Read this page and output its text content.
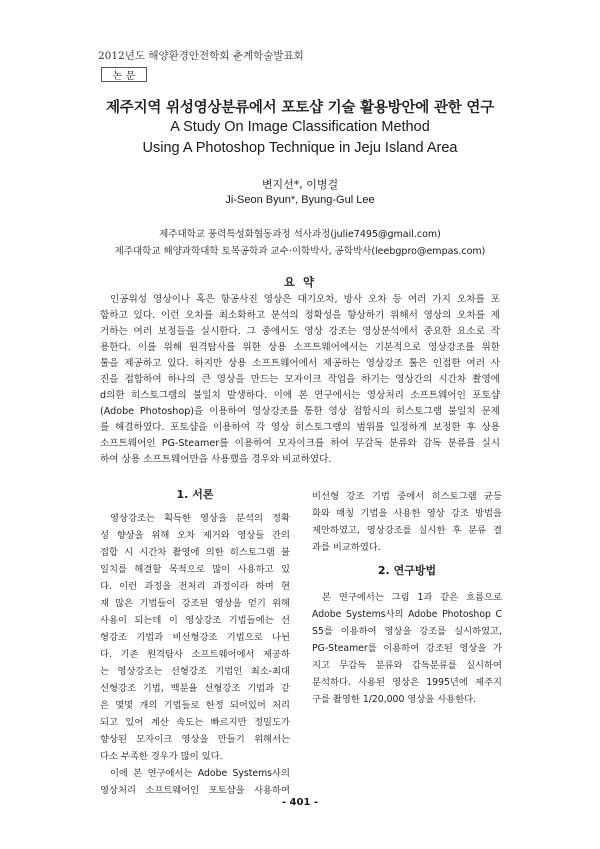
2012년도 해양환경안전학회 춘계학술발표회
논 문
제주지역 위성영상분류에서 포토샵 기술 활용방안에 관한 연구
A Study On Image Classification Method
Using A Photoshop Technique in Jeju Island Area
변지선*, 이병걸
Ji-Seon Byun*, Byung-Gul Lee
제주대학교 풍력특성화협동과정 석사과정(julie7495@gmail.com)
제주대학교 해양과학대학 토목공학과 교수·이학박사, 공학박사(leebgpro@empas.com)
요 약
인공위성 영상이나 혹은 항공사진 영상은 대기오차, 방사 오차 등 여러 가지 오차를 포
함하고 있다. 이런 오차를 최소화하고 분석의 정확성을 향상하기 위해서 영상의 오차를 제
거하는 여러 보정들을 실시한다. 그 중에서도 영상 강조는 영상분석에서 중요한 요소로 작
용한다. 이를 위해 원격탐사를 위한 상용 소프트웨어에서는 기본적으로 영상강조를 위한
툴을 제공하고 있다. 하지만 상용 소프트웨어에서 제공하는 영상강조 툴은 인접한 여러 사
진을 접합하여 하나의 큰 영상을 만드는 모자이크 작업을 하기는 영상간의 시간차 촬영에
d의한 히스토그램의 불일치 발생하다. 이에 본 연구에서는 영상처리 소프트웨어인 포토샵
(Adobe Photoshop)을 이용하여 영상강조를 통한 영상 접합시의 히스토그램 불일치 문제
를 해결하였다. 포토샵을 이용하여 각 영상 히스토그램의 범위를 일정하게 보정한 후 상용
소프트웨어인 PG-Steamer를 이용하여 모자이크를 하여 무감독 분류와 감독 분류를 실시
하여 상용 소프트웨어만을 사용했을 경우와 비교하였다.
1. 서론
영상강조는 획득한 영상을 분석의 정확
성 향상을 위해 오차 제거와 영상들 간의
접합 시 시간차 촬영에 의한 히스토그램 불
일치를 해결할 목적으로 많이 사용하고 있
다. 이런 과정을 전처리 과정이라 하며 현
재 많은 기법들이 강조된 영상을 얻기 위해
사용이 되는데 이 영상강조 기법들에는 선
형강조 기법과 비선형강조 기법으로 나뉜
다. 기존 원격탐사 소프트웨어에서 제공하
는 영상강조는 선형강조 기법인 최소-최대
선형강조 기법, 백분율 선형강조 기법과 같
은 몇몇 개의 기법들로 한정 되어있어 처리
되고 있어 계산 속도는 빠르지만 정밀도가
향상된 모자이크 영상을 만들기 위해서는
다소 부족한 경우가 많이 있다.
이에 본 연구에서는 Adobe Systems사의
영상처리 소프트웨어인 포토샵을 사용하여
비선형 강조 기법 중에서 히스토그램 균등
화와 매칭 기법을 사용한 영상 강조 방법을
제안하였고, 영상강조를 실시한 후 분류 결
과를 비교하였다.
2. 연구방법
본 연구에서는 그림 1과 같은 흐름으로
Adobe Systems사의 Adobe Photoshop C
S5를 이용하여 영상을 강조를 실시하였고,
PG-Steamer를 이용하여 강조된 영상을 가
지고 무감독 분류와 감독분류를 실시하여
분석하다. 사용된 영상은 1995년에 제주지
구를 촬영한 1/20,000 영상을 사용한다.
- 401 -
